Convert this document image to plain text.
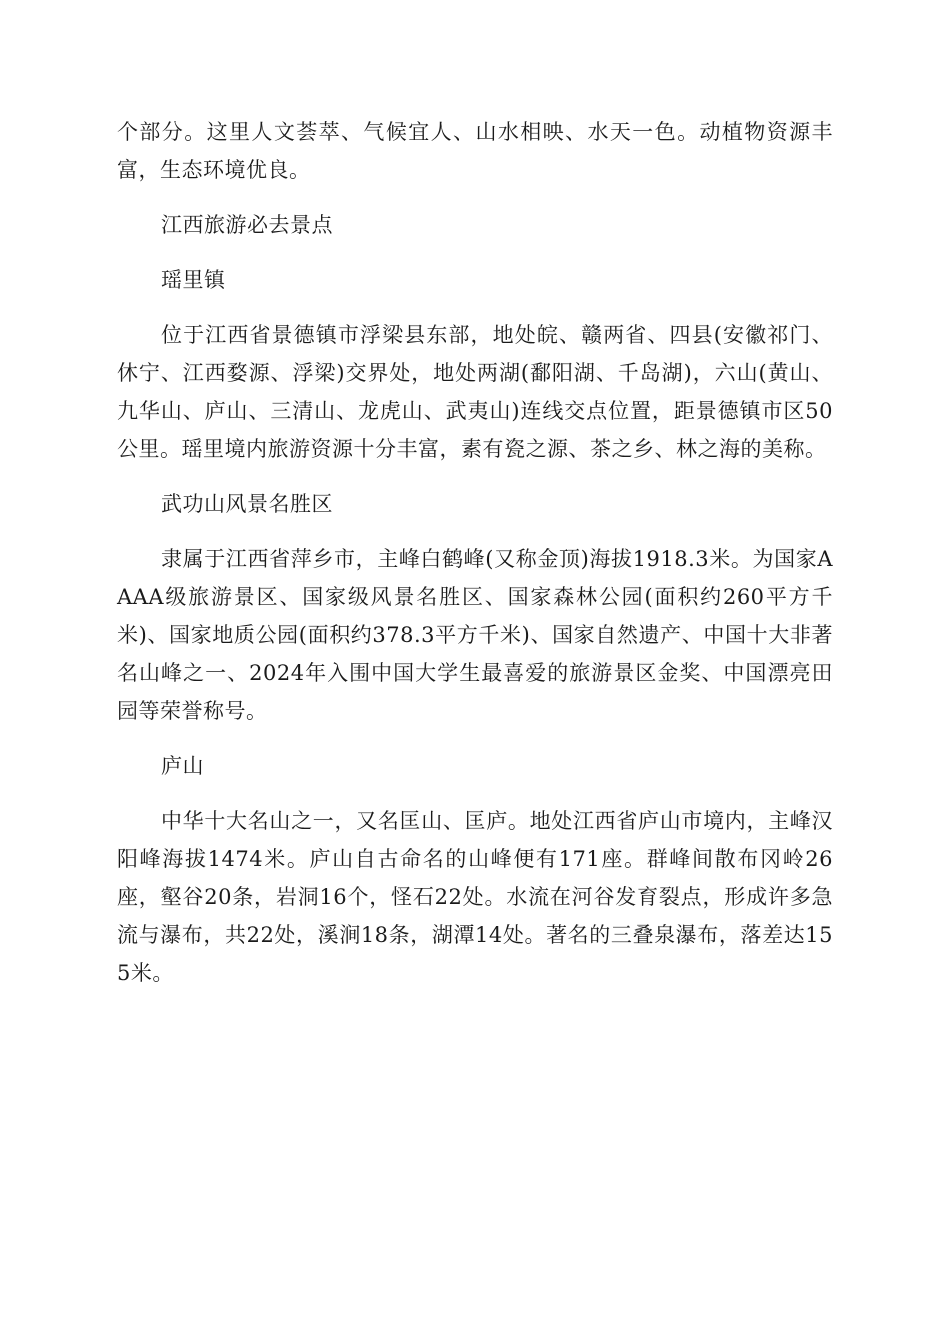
个部分。这里人文荟萃、气候宜人、山水相映、水天一色。动植物资源丰富，生态环境优良。

江西旅游必去景点

瑶里镇

位于江西省景德镇市浮梁县东部，地处皖、赣两省、四县(安徽祁门、休宁、江西婺源、浮梁)交界处，地处两湖(鄱阳湖、千岛湖)，六山(黄山、九华山、庐山、三清山、龙虎山、武夷山)连线交点位置，距景德镇市区50公里。瑶里境内旅游资源十分丰富，素有瓷之源、茶之乡、林之海的美称。

武功山风景名胜区

隶属于江西省萍乡市，主峰白鹤峰(又称金顶)海拔1918.3米。为国家AAAA级旅游景区、国家级风景名胜区、国家森林公园(面积约260平方千米)、国家地质公园(面积约378.3平方千米)、国家自然遗产、中国十大非著名山峰之一、2024年入围中国大学生最喜爱的旅游景区金奖、中国漂亮田园等荣誉称号。

庐山

中华十大名山之一，又名匡山、匡庐。地处江西省庐山市境内，主峰汉阳峰海拔1474米。庐山自古命名的山峰便有171座。群峰间散布冈岭26座，壑谷20条，岩洞16个，怪石22处。水流在河谷发育裂点，形成许多急流与瀑布，共22处，溪涧18条，湖潭14处。著名的三叠泉瀑布，落差达155米。
